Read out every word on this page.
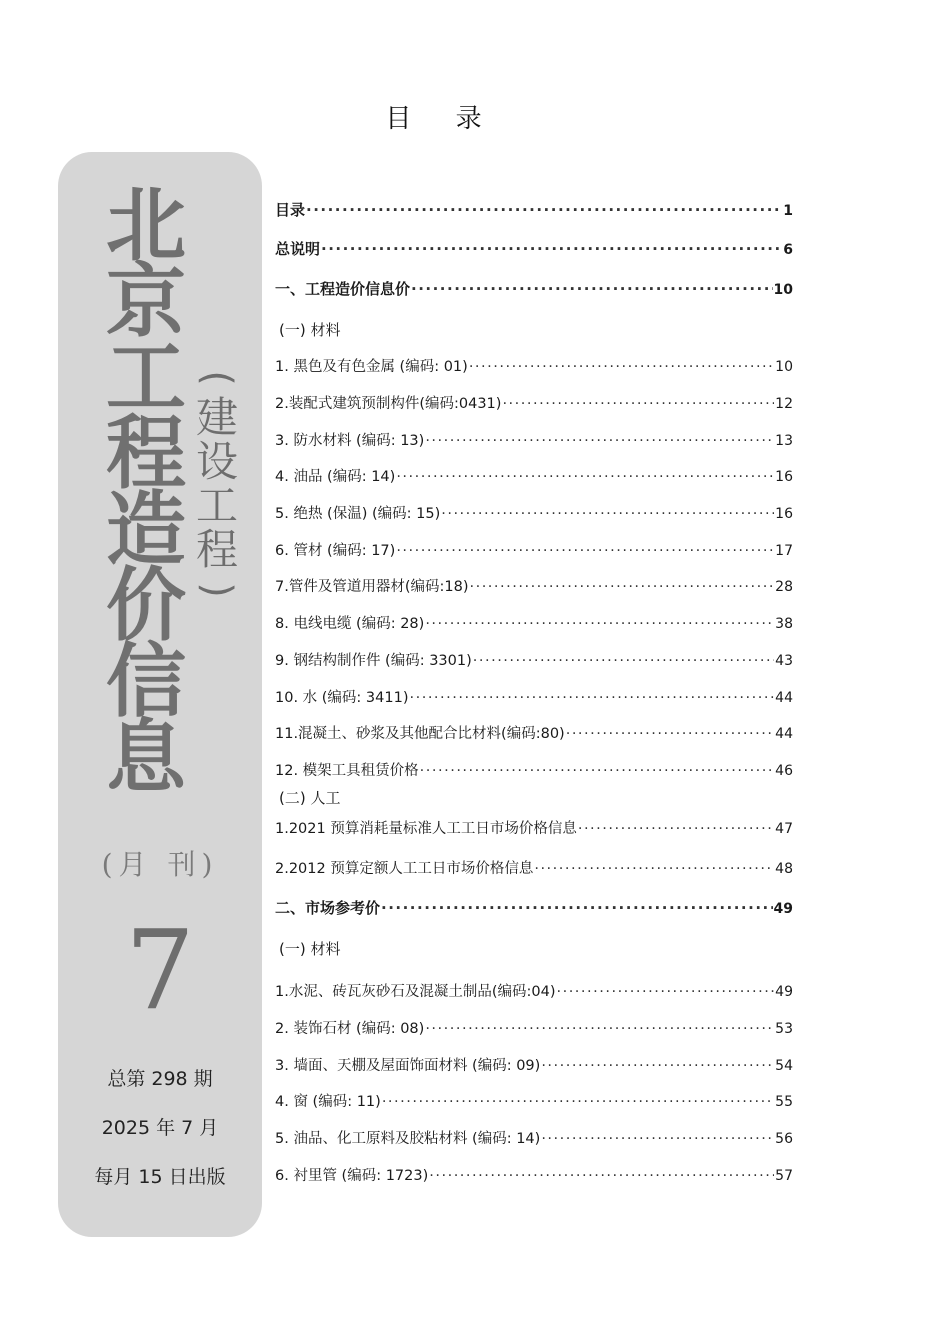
目 录
北
京
工
程
造
价
信
息
(
建
设
工
程
)
(月 刊)
7
总第 298 期
2025 年 7 月
每月 15 日出版
目录 ·····	1
总说明 ·····	6
一、工程造价信息价 ·····	10
(一) 材料
1. 黑色及有色金属 (编码: 01) ·····	10
2.装配式建筑预制构件(编码:0431) ·····	12
3. 防水材料 (编码: 13) ·····	13
4. 油品 (编码: 14) ·····	16
5. 绝热 (保温) (编码: 15) ·····	16
6. 管材 (编码: 17) ·····	17
7.管件及管道用器材(编码:18) ·····	28
8. 电线电缆 (编码: 28) ·····	38
9. 钢结构制作件 (编码: 3301) ·····	43
10. 水 (编码: 3411) ·····	44
11.混凝土、砂浆及其他配合比材料(编码:80) ·····	44
12. 模架工具租赁价格 ·····	46
(二) 人工
1.2021 预算消耗量标准人工工日市场价格信息 ·····	47
2.2012 预算定额人工工日市场价格信息 ·····	48
二、市场参考价 ·····	49
(一) 材料
1.水泥、砖瓦灰砂石及混凝土制品(编码:04) ·····	49
2. 装饰石材 (编码: 08) ·····	53
3. 墙面、天棚及屋面饰面材料 (编码: 09) ·····	54
4. 窗 (编码: 11) ·····	55
5. 油品、化工原料及胶粘材料 (编码: 14) ·····	56
6. 衬里管 (编码: 1723) ·····	57
